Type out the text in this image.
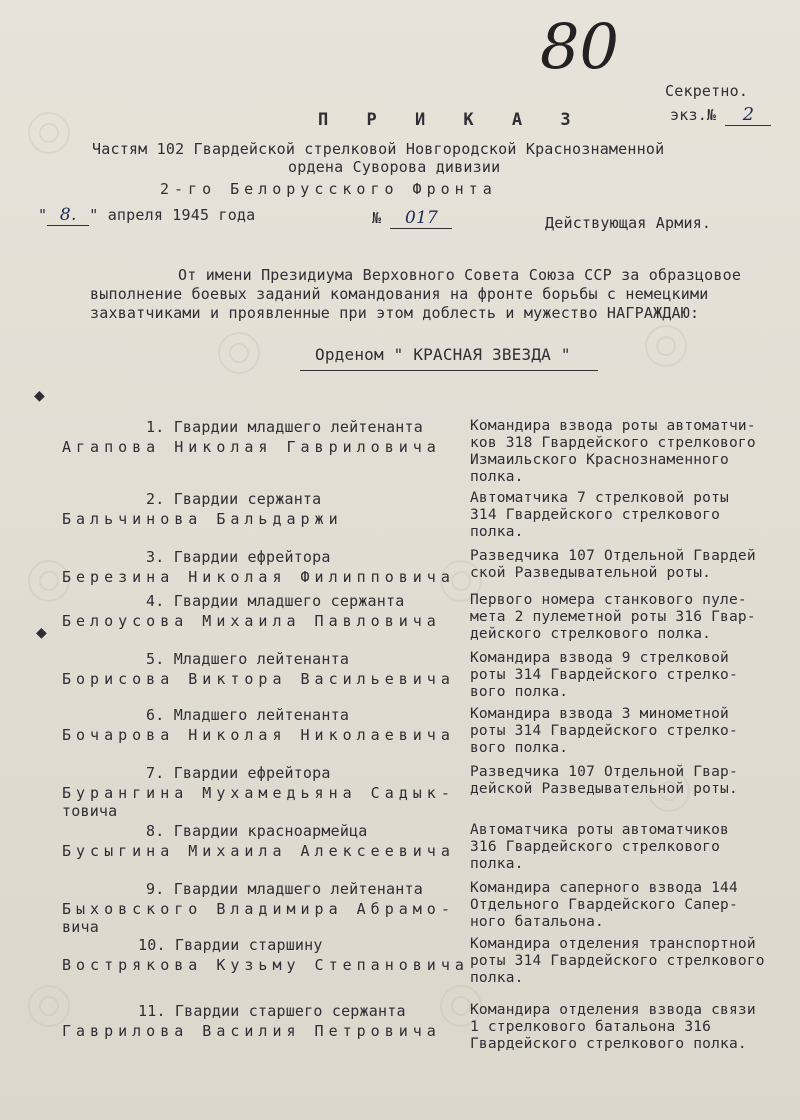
80
Секретно.
экз.№ 2
П Р И К А З
Частям 102 Гвардейской стрелковой Новгородской Краснознаменной
ордена Суворова дивизии
2-го Белорусского Фронта
" 8. " апреля 1945 года	№ 017	Действующая Армия.
От имени Президиума Верховного Совета Союза ССР за образцовое
выполнение боевых заданий командования на фронте борьбы с немецкими
захватчиками и проявленные при этом доблесть и мужество НАГРАЖДАЮ:
Орденом " КРАСНАЯ ЗВЕЗДА "
◆
◆
1. Гвардии младшего лейтенанта
Агапова Николая Гавриловича
Командира взвода роты автоматчи-
ков 318 Гвардейского стрелкового
Измаильского Краснознаменного
полка.
2. Гвардии сержанта
Бальчинова Бальдаржи
Автоматчика 7 стрелковой роты
314 Гвардейского стрелкового
полка.
3. Гвардии ефрейтора
Березина Николая Филипповича
Разведчика 107 Отдельной Гвардей
ской Разведывательной роты.
4. Гвардии младшего сержанта
Белоусова Михаила Павловича
Первого номера станкового пуле-
мета 2 пулеметной роты 316 Гвар-
дейского стрелкового полка.
5. Младшего лейтенанта
Борисова Виктора Васильевича
Командира взвода 9 стрелковой
роты 314 Гвардейского стрелко-
вого полка.
6. Младшего лейтенанта
Бочарова Николая Николаевича
Командира взвода 3 минометной
роты 314 Гвардейского стрелко-
вого полка.
7. Гвардии ефрейтора
Бурангина Мухамедьяна Садык-
товича
Разведчика 107 Отдельной Гвар-
дейской Разведывательной роты.
8. Гвардии красноармейца
Бусыгина Михаила Алексеевича
Автоматчика роты автоматчиков
316 Гвардейского стрелкового
полка.
9. Гвардии младшего лейтенанта
Быховского Владимира Абрамо-
вича
Командира саперного взвода 144
Отдельного Гвардейского Сапер-
ного батальона.
10. Гвардии старшину
Вострякова Кузьму Степановича
Командира отделения транспортной
роты 314 Гвардейского стрелкового
полка.
11. Гвардии старшего сержанта
Гаврилова Василия Петровича
Командира отделения взвода связи
1 стрелкового батальона 316
Гвардейского стрелкового полка.
